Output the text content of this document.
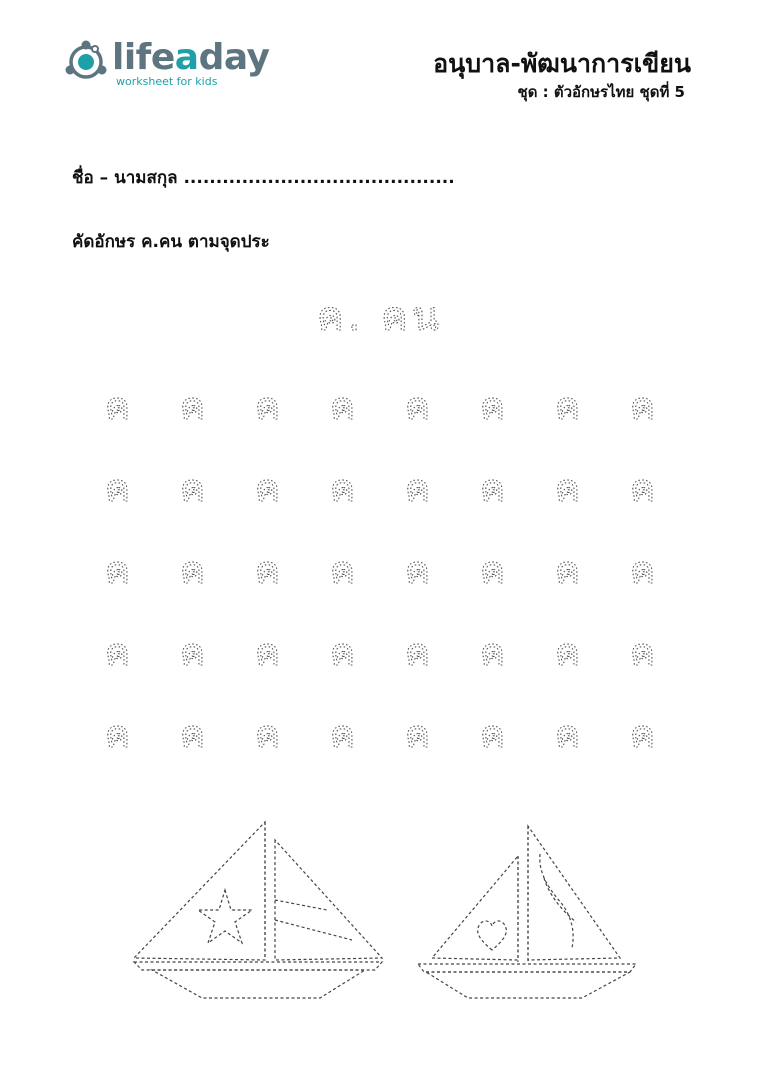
lifeaday
worksheet for kids
อนุบาล-พัฒนาการเขียน
ชุด : ตัวอักษรไทย ชุดที่ 5
ชื่อ – นามสกุล ..........................................
คัดอักษร ค.คน ตามจุดประ
ค. คน
ค ค ค ค ค ค ค ค
ค ค ค ค ค ค ค ค
ค ค ค ค ค ค ค ค
ค ค ค ค ค ค ค ค
ค ค ค ค ค ค ค ค
